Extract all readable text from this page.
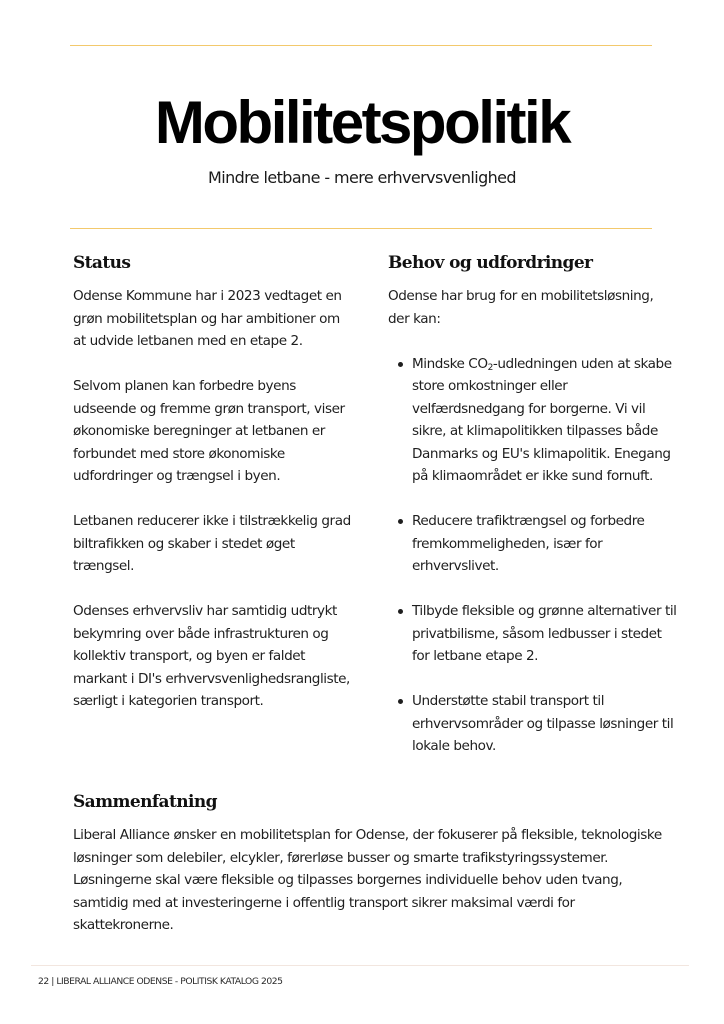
Mobilitetspolitik
Mindre letbane - mere erhvervsvenlighed
Status

Odense Kommune har i 2023 vedtaget en grøn mobilitetsplan og har ambitioner om at udvide letbanen med en etape 2.

Selvom planen kan forbedre byens udseende og fremme grøn transport, viser økonomiske beregninger at letbanen er forbundet med store økonomiske udfordringer og trængsel i byen.

Letbanen reducerer ikke i tilstrækkelig grad biltrafikken og skaber i stedet øget trængsel.

Odenses erhvervsliv har samtidig udtrykt bekymring over både infrastrukturen og kollektiv transport, og byen er faldet markant i DI's erhvervsvenlighedsrangliste, særligt i kategorien transport.

Behov og udfordringer

Odense har brug for en mobilitetsløsning, der kan:

Mindske $CO_2$-udledningen uden at skabe store omkostninger eller velfærdsnedgang for borgerne. Vi vil sikre, at klimapolitikken tilpasses både Danmarks og EU's klimapolitik. Enegang på klimaområdet er ikke sund fornuft.
Reducere trafiktrængsel og forbedre fremkommeligheden, især for erhvervslivet.
Tilbyde fleksible og grønne alternativer til privatbilisme, såsom ledbusser i stedet for letbane etape 2.
Understøtte stabil transport til erhvervsområder og tilpasse løsninger til lokale behov.
Sammenfatning

Liberal Alliance ønsker en mobilitetsplan for Odense, der fokuserer på fleksible, teknologiske løsninger som delebiler, elcykler, førerløse busser og smarte trafikstyringssystemer. Løsningerne skal være fleksible og tilpasses borgernes individuelle behov uden tvang, samtidig med at investeringerne i offentlig transport sikrer maksimal værdi for skattekronerne.

22 | LIBERAL ALLIANCE ODENSE - POLITISK KATALOG 2025
